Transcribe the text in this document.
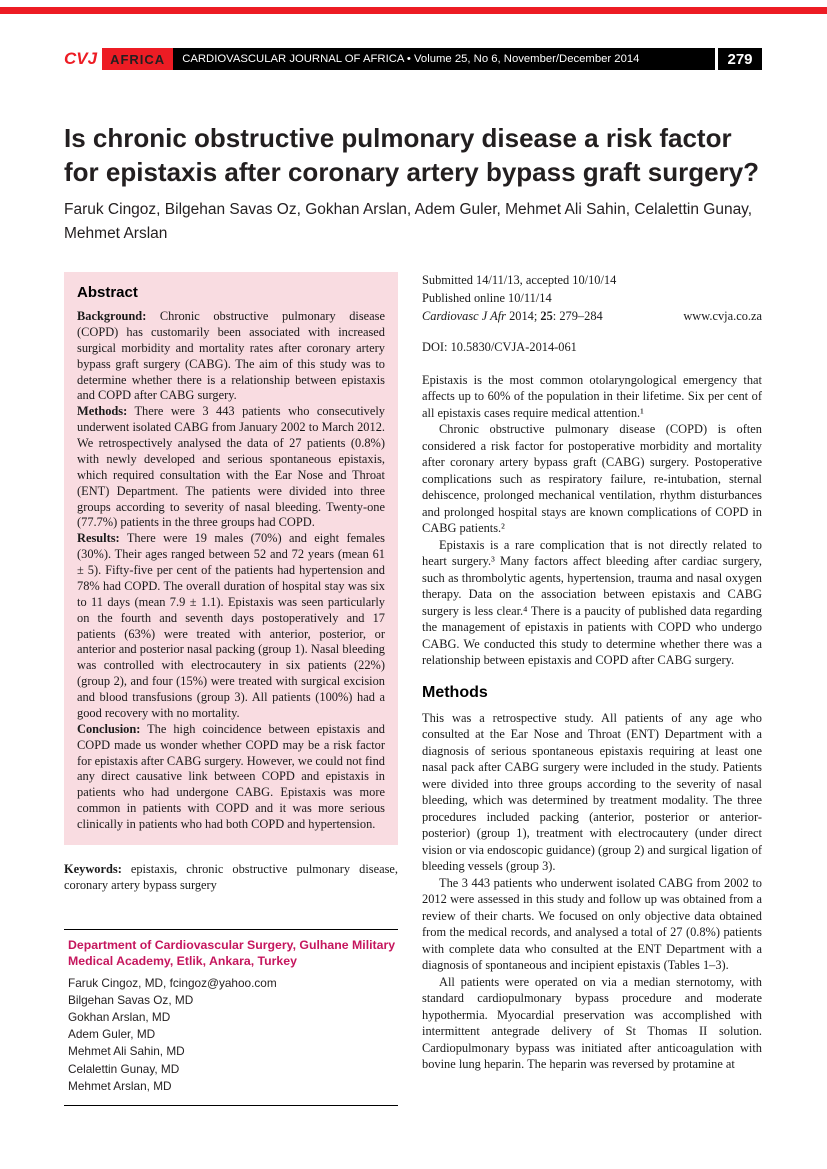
CVJ	AFRICA	CARDIOVASCULAR JOURNAL OF AFRICA • Volume 25, No 6, November/December 2014	279
Is chronic obstructive pulmonary disease a risk factor
for epistaxis after coronary artery bypass graft surgery?
Faruk Cingoz, Bilgehan Savas Oz, Gokhan Arslan, Adem Guler, Mehmet Ali Sahin, Celalettin Gunay, Mehmet Arslan
Abstract

Background: Chronic obstructive pulmonary disease (COPD) has customarily been associated with increased surgical morbidity and mortality rates after coronary artery bypass graft surgery (CABG). The aim of this study was to determine whether there is a relationship between epistaxis and COPD after CABG surgery.

Methods: There were 3 443 patients who consecutively underwent isolated CABG from January 2002 to March 2012. We retrospectively analysed the data of 27 patients (0.8%) with newly developed and serious spontaneous epistaxis, which required consultation with the Ear Nose and Throat (ENT) Department. The patients were divided into three groups according to severity of nasal bleeding. Twenty-one (77.7%) patients in the three groups had COPD.

Results: There were 19 males (70%) and eight females (30%). Their ages ranged between 52 and 72 years (mean 61 ± 5). Fifty-five per cent of the patients had hypertension and 78% had COPD. The overall duration of hospital stay was six to 11 days (mean 7.9 ± 1.1). Epistaxis was seen particularly on the fourth and seventh days postoperatively and 17 patients (63%) were treated with anterior, posterior, or anterior and posterior nasal packing (group 1). Nasal bleeding was controlled with electrocautery in six patients (22%) (group 2), and four (15%) were treated with surgical excision and blood transfusions (group 3). All patients (100%) had a good recovery with no mortality.

Conclusion: The high coincidence between epistaxis and COPD made us wonder whether COPD may be a risk factor for epistaxis after CABG surgery. However, we could not find any direct causative link between COPD and epistaxis in patients who had undergone CABG. Epistaxis was more common in patients with COPD and it was more serious clinically in patients who had both COPD and hypertension.

Keywords: epistaxis, chronic obstructive pulmonary disease, coronary artery bypass surgery

Department of Cardiovascular Surgery, Gulhane Military Medical Academy, Etlik, Ankara, Turkey
Faruk Cingoz, MD, fcingoz@yahoo.com
Bilgehan Savas Oz, MD
Gokhan Arslan, MD
Adem Guler, MD
Mehmet Ali Sahin, MD
Celalettin Gunay, MD
Mehmet Arslan, MD
Submitted 14/11/13, accepted 10/10/14
Published online 10/11/14
Cardiovasc J Afr 2014; 25: 279–284	www.cvja.co.za
DOI: 10.5830/CVJA-2014-061

Epistaxis is the most common otolaryngological emergency that affects up to 60% of the population in their lifetime. Six per cent of all epistaxis cases require medical attention.¹

Chronic obstructive pulmonary disease (COPD) is often considered a risk factor for postoperative morbidity and mortality after coronary artery bypass graft (CABG) surgery. Postoperative complications such as respiratory failure, re-intubation, sternal dehiscence, prolonged mechanical ventilation, rhythm disturbances and prolonged hospital stays are known complications of COPD in CABG patients.²

Epistaxis is a rare complication that is not directly related to heart surgery.³ Many factors affect bleeding after cardiac surgery, such as thrombolytic agents, hypertension, trauma and nasal oxygen therapy. Data on the association between epistaxis and CABG surgery is less clear.⁴ There is a paucity of published data regarding the management of epistaxis in patients with COPD who undergo CABG. We conducted this study to determine whether there was a relationship between epistaxis and COPD after CABG surgery.

Methods

This was a retrospective study. All patients of any age who consulted at the Ear Nose and Throat (ENT) Department with a diagnosis of serious spontaneous epistaxis requiring at least one nasal pack after CABG surgery were included in the study. Patients were divided into three groups according to the severity of nasal bleeding, which was determined by treatment modality. The three procedures included packing (anterior, posterior or anterior-posterior) (group 1), treatment with electrocautery (under direct vision or via endoscopic guidance) (group 2) and surgical ligation of bleeding vessels (group 3).

The 3 443 patients who underwent isolated CABG from 2002 to 2012 were assessed in this study and follow up was obtained from a review of their charts. We focused on only objective data obtained from the medical records, and analysed a total of 27 (0.8%) patients with complete data who consulted at the ENT Department with a diagnosis of spontaneous and incipient epistaxis (Tables 1–3).

All patients were operated on via a median sternotomy, with standard cardiopulmonary bypass procedure and moderate hypothermia. Myocardial preservation was accomplished with intermittent antegrade delivery of St Thomas II solution. Cardiopulmonary bypass was initiated after anticoagulation with bovine lung heparin. The heparin was reversed by protamine at
